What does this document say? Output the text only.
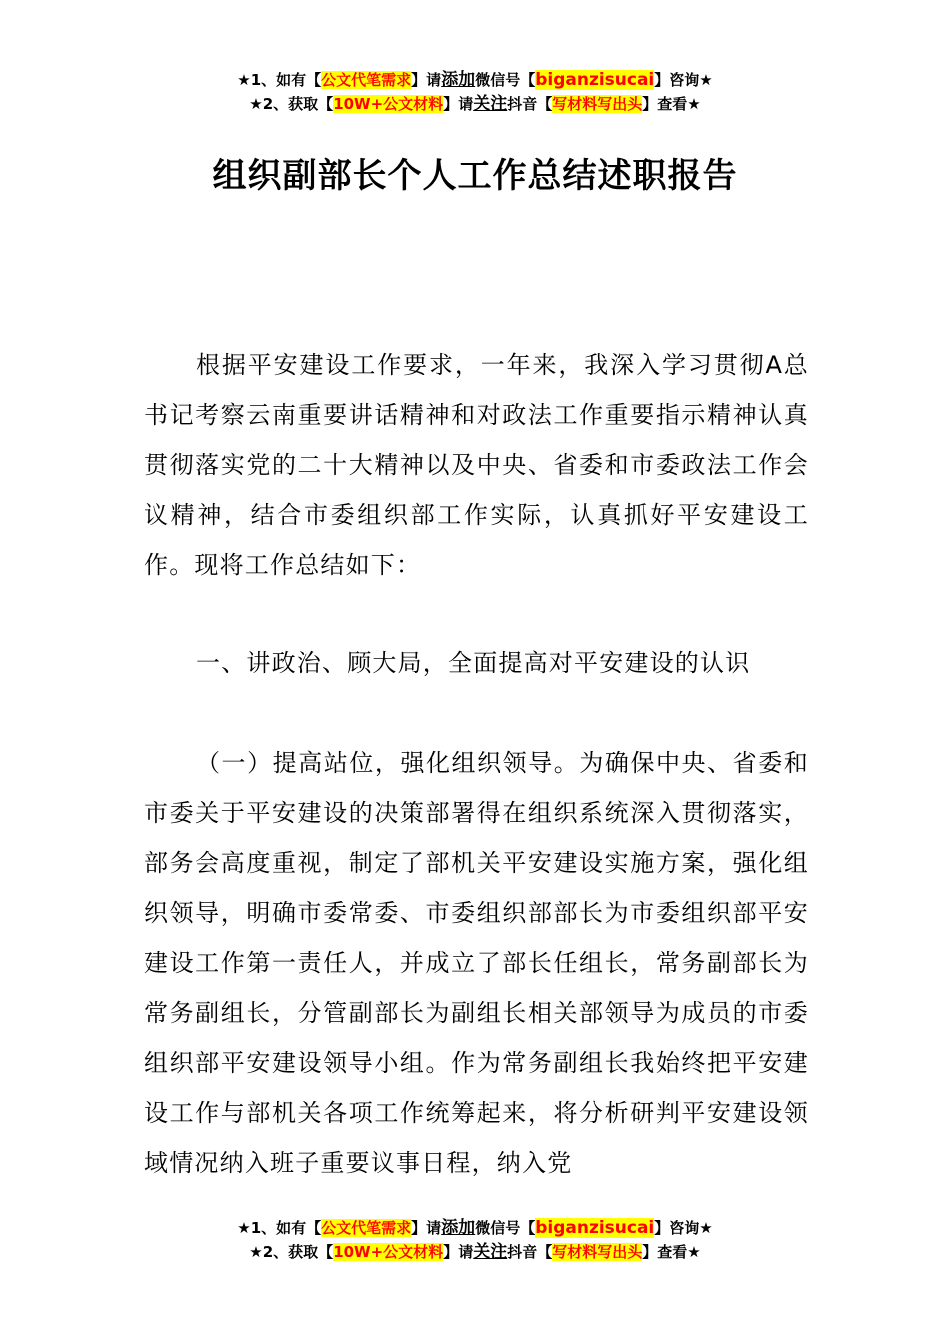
★1、如有【公文代笔需求】请添加微信号【biganzisucai】咨询★
★2、获取【10W+公文材料】请关注抖音【写材料写出头】查看★
组织副部长个人工作总结述职报告

根据平安建设工作要求，一年来，我深入学习贯彻A总书记考察云南重要讲话精神和对政法工作重要指示精神认真贯彻落实党的二十大精神以及中央、省委和市委政法工作会议精神，结合市委组织部工作实际，认真抓好平安建设工作。现将工作总结如下：

一、讲政治、顾大局，全面提高对平安建设的认识

（一）提高站位，强化组织领导。为确保中央、省委和市委关于平安建设的决策部署得在组织系统深入贯彻落实，部务会高度重视，制定了部机关平安建设实施方案，强化组织领导，明确市委常委、市委组织部部长为市委组织部平安建设工作第一责任人，并成立了部长任组长，常务副部长为常务副组长，分管副部长为副组长相关部领导为成员的市委组织部平安建设领导小组。作为常务副组长我始终把平安建设工作与部机关各项工作统筹起来，将分析研判平安建设领域情况纳入班子重要议事日程，纳入党

★1、如有【公文代笔需求】请添加微信号【biganzisucai】咨询★
★2、获取【10W+公文材料】请关注抖音【写材料写出头】查看★
